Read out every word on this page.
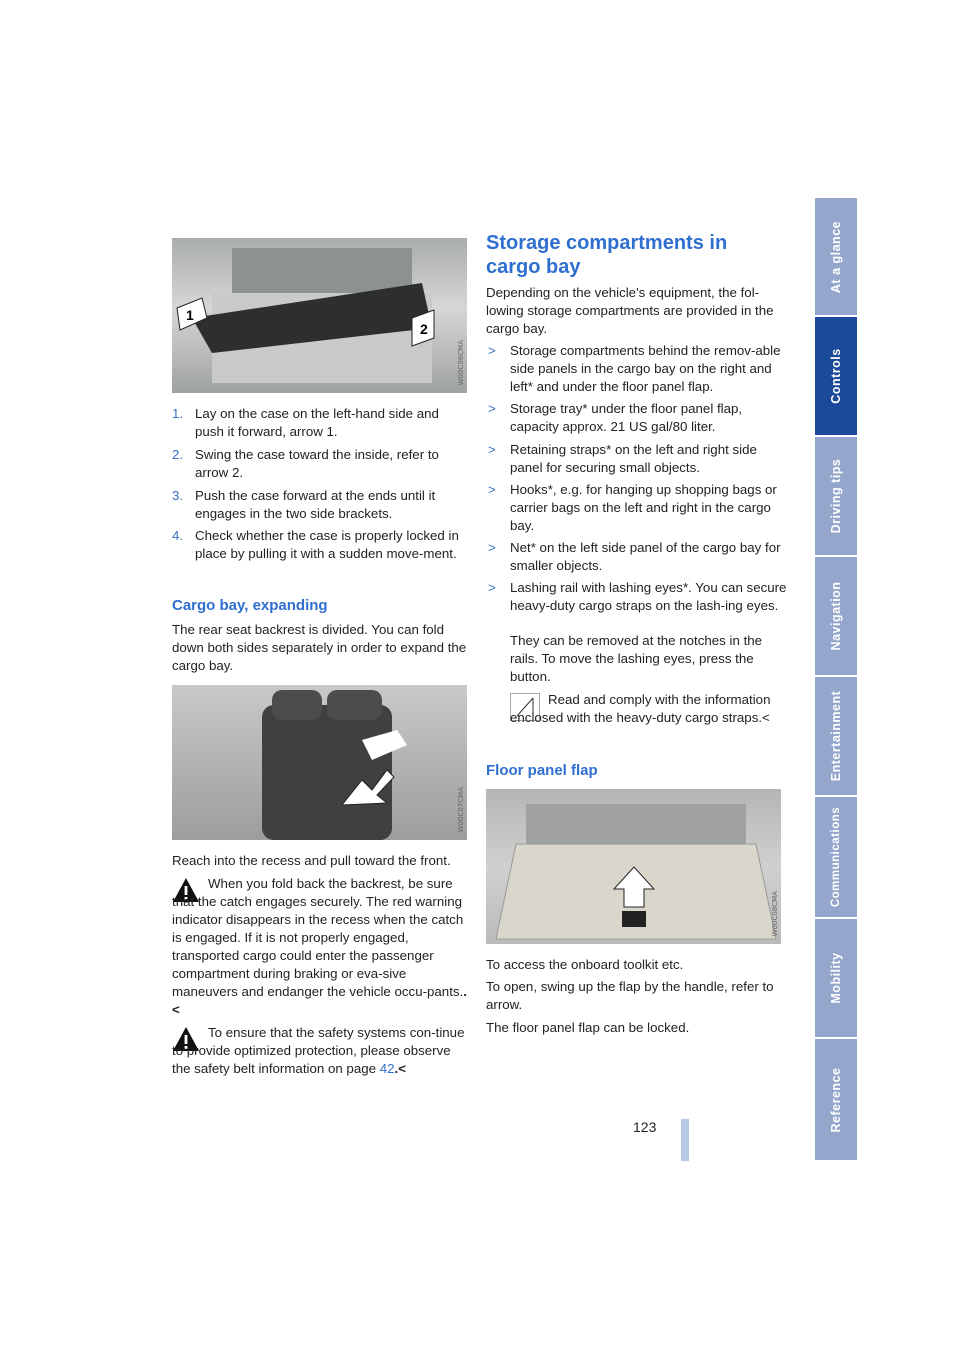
At a glance
Controls
Driving tips
Navigation
Entertainment
Communications
Mobility
Reference
1
2
W00C06CMA
1. Lay on the case on the left-hand side and push it forward, arrow 1.
2. Swing the case toward the inside, refer to arrow 2.
3. Push the case forward at the ends until it engages in the two side brackets.
4. Check whether the case is properly locked in place by pulling it with a sudden move-ment.
Cargo bay, expanding
The rear seat backrest is divided. You can fold down both sides separately in order to expand the cargo bay.
W00C07CMA
Reach into the recess and pull toward the front.
When you fold back the backrest, be sure that the catch engages securely. The red warning indicator disappears in the recess when the catch is engaged. If it is not properly engaged, transported cargo could enter the passenger compartment during braking or eva-sive maneuvers and endanger the vehicle occu-pants..<
To ensure that the safety systems con-tinue to provide optimized protection, please observe the safety belt information on page 42.<
Storage compartments in cargo bay
Depending on the vehicle's equipment, the fol-lowing storage compartments are provided in the cargo bay.
> Storage compartments behind the remov-able side panels in the cargo bay on the right and left* and under the floor panel flap.
> Storage tray* under the floor panel flap, capacity approx. 21 US gal/80 liter.
> Retaining straps* on the left and right side panel for securing small objects.
> Hooks*, e.g. for hanging up shopping bags or carrier bags on the left and right in the cargo bay.
> Net* on the left side panel of the cargo bay for smaller objects.
> Lashing rail with lashing eyes*. You can secure heavy-duty cargo straps on the lash-ing eyes.
They can be removed at the notches in the rails. To move the lashing eyes, press the button.
Read and comply with the information enclosed with the heavy-duty cargo straps.<
Floor panel flap
W00C08CMA
To access the onboard toolkit etc.
To open, swing up the flap by the handle, refer to arrow.
The floor panel flap can be locked.
123
